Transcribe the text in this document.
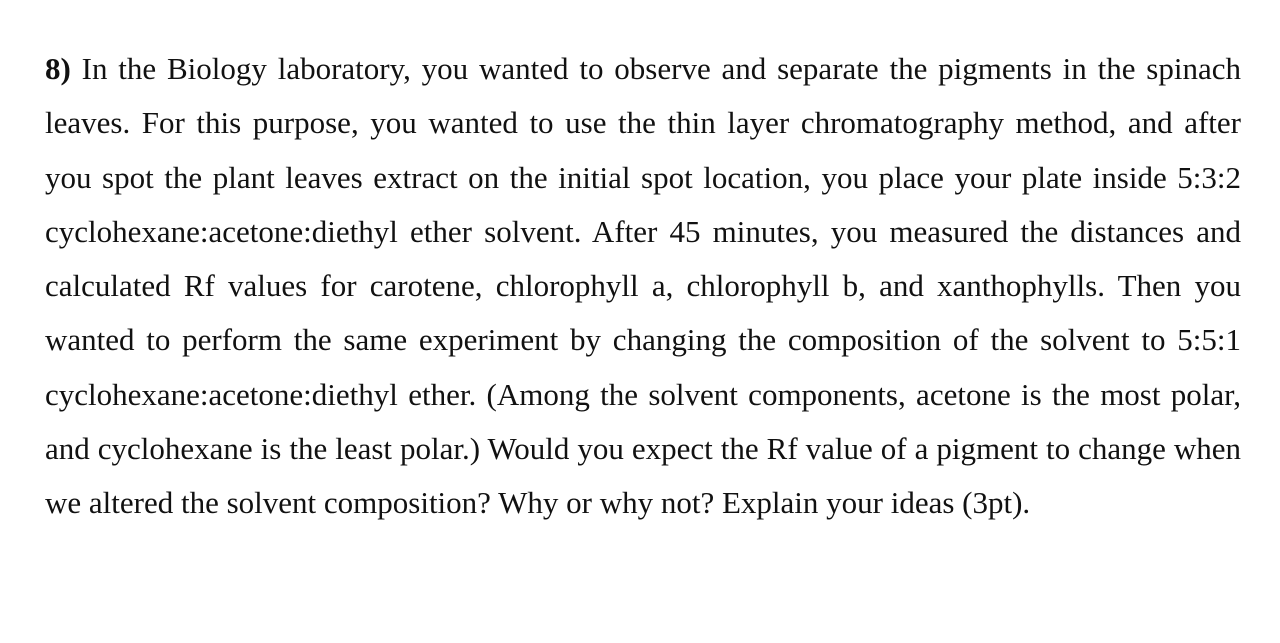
8) In the Biology laboratory, you wanted to observe and separate the pigments in the spinach
leaves. For this purpose, you wanted to use the thin layer chromatography method, and after
you spot the plant leaves extract on the initial spot location, you place your plate inside 5:3:2
cyclohexane:acetone:diethyl ether solvent. After 45 minutes, you measured the distances and
calculated Rf values for carotene, chlorophyll a, chlorophyll b, and xanthophylls. Then you
wanted to perform the same experiment by changing the composition of the solvent to 5:5:1
cyclohexane:acetone:diethyl ether. (Among the solvent components, acetone is the most polar,
and cyclohexane is the least polar.) Would you expect the Rf value of a pigment to change when
we altered the solvent composition? Why or why not? Explain your ideas (3pt).
